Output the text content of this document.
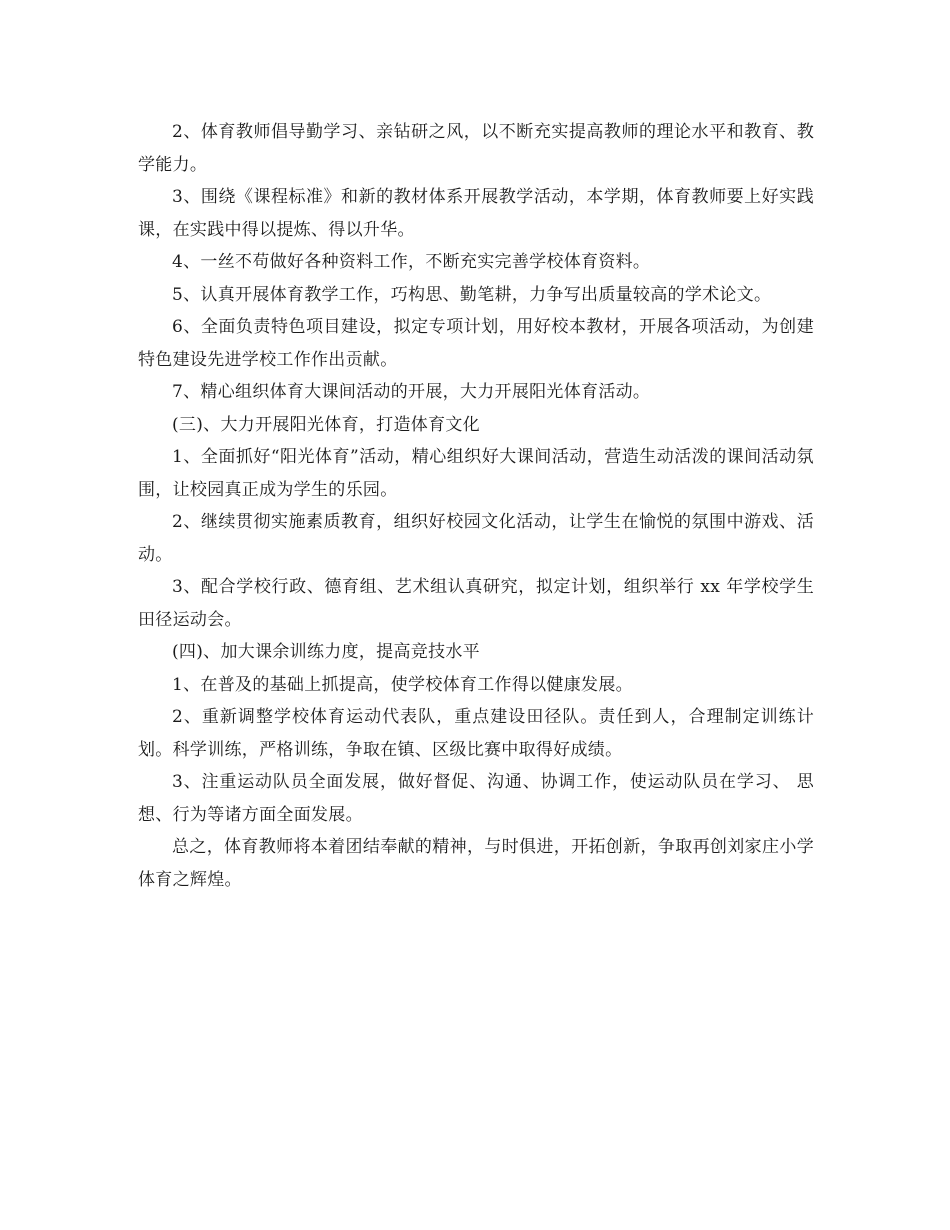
2、体育教师倡导勤学习、亲钻研之风，以不断充实提高教师的理论水平和教育、教学能力。

3、围绕《课程标准》和新的教材体系开展教学活动，本学期，体育教师要上好实践课，在实践中得以提炼、得以升华。

4、一丝不苟做好各种资料工作，不断充实完善学校体育资料。

5、认真开展体育教学工作，巧构思、勤笔耕，力争写出质量较高的学术论文。

6、全面负责特色项目建设，拟定专项计划，用好校本教材，开展各项活动，为创建特色建设先进学校工作作出贡献。

7、精心组织体育大课间活动的开展，大力开展阳光体育活动。

(三)、大力开展阳光体育，打造体育文化

1、全面抓好“阳光体育”活动，精心组织好大课间活动，营造生动活泼的课间活动氛围，让校园真正成为学生的乐园。

2、继续贯彻实施素质教育，组织好校园文化活动，让学生在愉悦的氛围中游戏、活动。

3、配合学校行政、德育组、艺术组认真研究，拟定计划，组织举行 xx 年学校学生田径运动会。

(四)、加大课余训练力度，提高竞技水平

1、在普及的基础上抓提高，使学校体育工作得以健康发展。

2、重新调整学校体育运动代表队，重点建设田径队。责任到人，合理制定训练计划。科学训练，严格训练，争取在镇、区级比赛中取得好成绩。

3、注重运动队员全面发展，做好督促、沟通、协调工作，使运动队员在学习、 思想、行为等诸方面全面发展。

总之，体育教师将本着团结奉献的精神，与时俱进，开拓创新，争取再创刘家庄小学体育之辉煌。
